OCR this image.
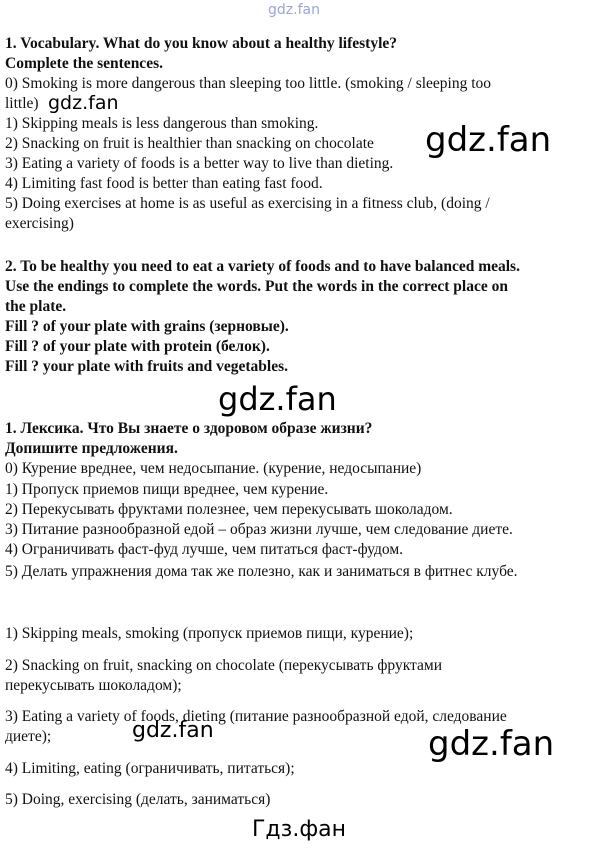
gdz.fan
1. Vocabulary. What do you know about a healthy lifestyle?
Complete the sentences.
0) Smoking is more dangerous than sleeping too little. (smoking / sleeping too
little) gdz.fan
1) Skipping meals is less dangerous than smoking.
2) Snacking on fruit is healthier than snacking on chocolate gdz.fan
3) Eating a variety of foods is a better way to live than dieting.
4) Limiting fast food is better than eating fast food.
5) Doing exercises at home is as useful as exercising in a fitness club, (doing /
exercising)
2. To be healthy you need to eat a variety of foods and to have balanced meals.
Use the endings to complete the words. Put the words in the correct place on
the plate.
Fill ? of your plate with grains (зерновые).
Fill ? of your plate with protein (белок).
Fill ? your plate with fruits and vegetables.
gdz.fan
1. Лексика. Что Вы знаете о здоровом образе жизни?
Допишите предложения.
0) Курение вреднее, чем недосыпание. (курение, недосыпание)
1) Пропуск приемов пищи вреднее, чем курение.
2) Перекусывать фруктами полезнее, чем перекусывать шоколадом.
3) Питание разнообразной едой – образ жизни лучше, чем следование диете.
4) Ограничивать фаст-фуд лучше, чем питаться фаст-фудом.
5) Делать упражнения дома так же полезно, как и заниматься в фитнес клубе.
1) Skipping meals, smoking (пропуск приемов пищи, курение);
2) Snacking on fruit, snacking on chocolate (перекусывать фруктами
перекусывать шоколадом);
3) Eating a variety of foods, dieting (питание разнообразной едой, следование
диете);	gdz.fan	gdz.fan
4) Limiting, eating (ограничивать, питаться);
5) Doing, exercising (делать, заниматься)
Гдз.фан
